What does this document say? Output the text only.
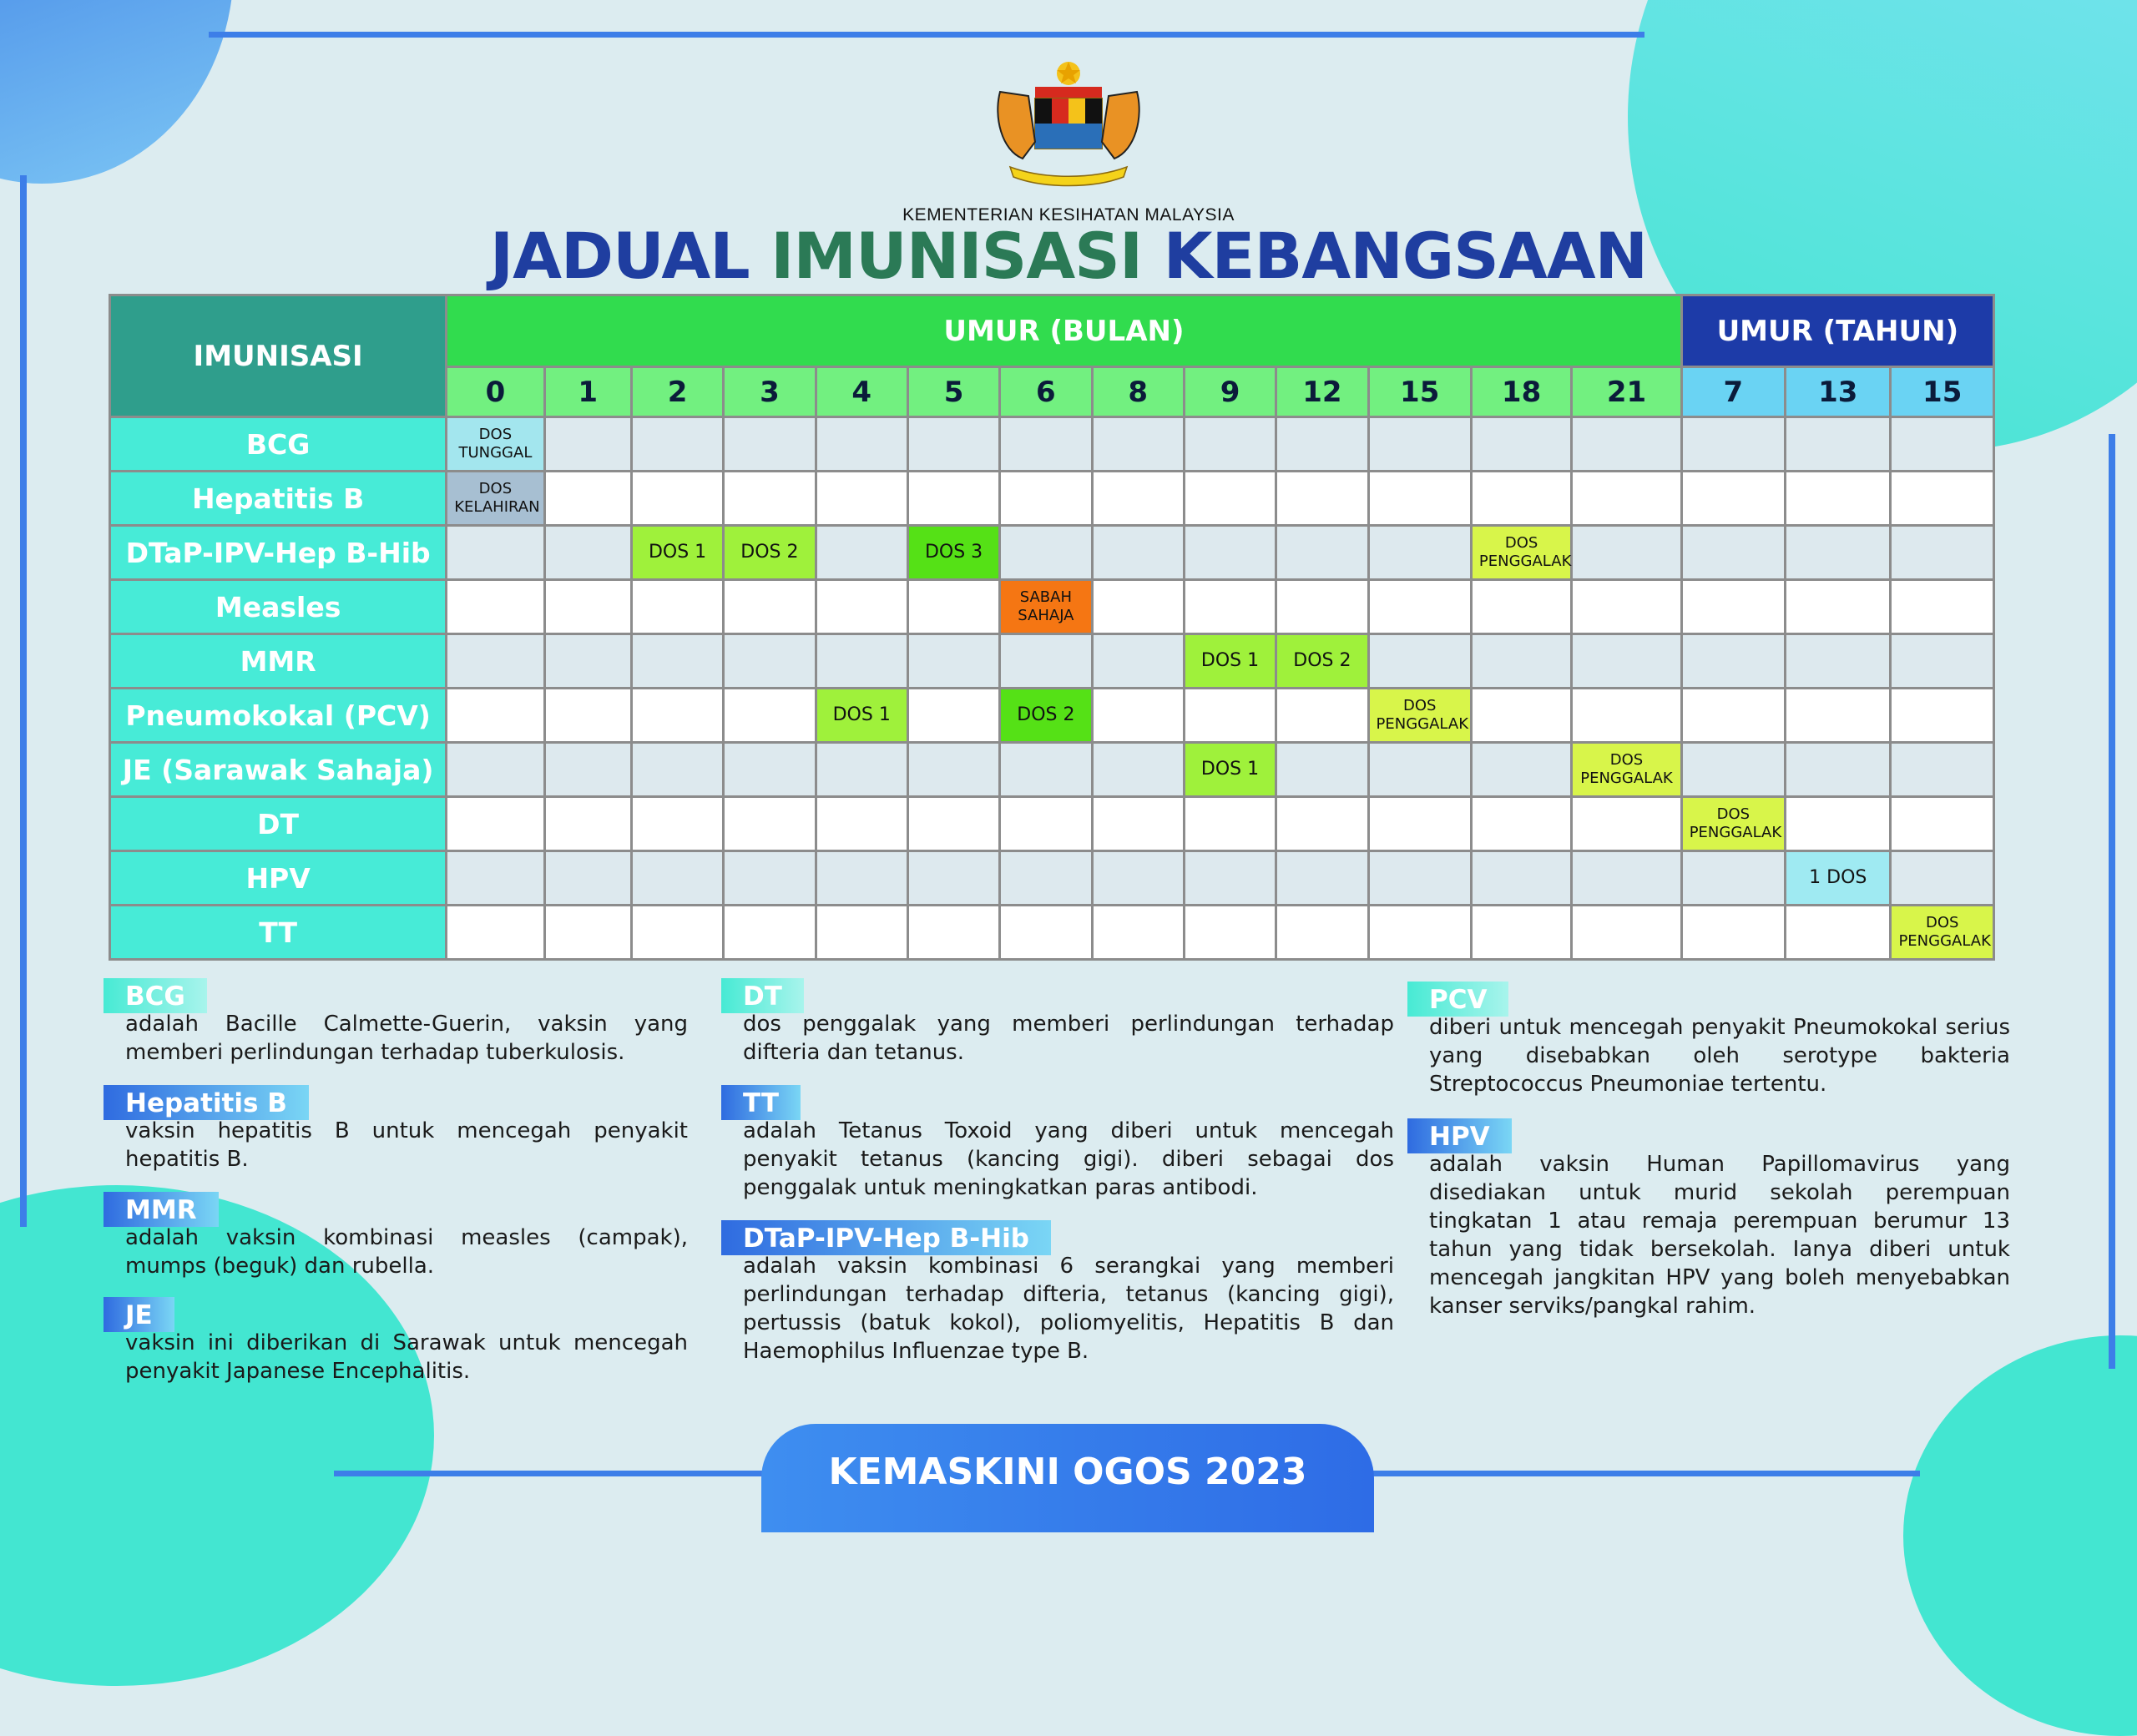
KEMENTERIAN KESIHATAN MALAYSIA
JADUAL IMUNISASI KEBANGSAAN
IMUNISASI	UMUR (BULAN)													UMUR (TAHUN)		
	0	1	2	3	4	5	6	8	9	12	15	18	21	7	13	15
BCG	DOS TUNGGAL															

Hepatitis B	DOS KELAHIRAN															

DTaP-IPV-Hep B-Hib			DOS 1	DOS 2		DOS 3						DOS PENGGALAK				

Measles							SABAH SAHAJA									

MMR									DOS 1	DOS 2						
Pneumokokal (PCV)					DOS 1		DOS 2				DOS PENGGALAK					

JE (Sarawak Sahaja)									DOS 1				DOS PENGGALAK			

DT														DOS PENGGALAK		

HPV															1 DOS	
TT																DOS PENGGALAK
BCG
adalah Bacille Calmette-Guerin, vaksin yang memberi perlindungan terhadap tuberkulosis.
Hepatitis B
vaksin hepatitis B untuk mencegah penyakit hepatitis B.
MMR
adalah vaksin kombinasi measles (campak), mumps (beguk) dan rubella.
JE
vaksin ini diberikan di Sarawak untuk mencegah penyakit Japanese Encephalitis.
DT
dos penggalak yang memberi perlindungan terhadap difteria dan tetanus.
TT
adalah Tetanus Toxoid yang diberi untuk mencegah penyakit tetanus (kancing gigi). diberi sebagai dos penggalak untuk meningkatkan paras antibodi.
DTaP-IPV-Hep B-Hib
adalah vaksin kombinasi 6 serangkai yang memberi perlindungan terhadap difteria, tetanus (kancing gigi), pertussis (batuk kokol), poliomyelitis, Hepatitis B dan Haemophilus Influenzae type B.
PCV
diberi untuk mencegah penyakit Pneumokokal serius yang disebabkan oleh serotype bakteria Streptococcus Pneumoniae tertentu.
HPV
adalah vaksin Human Papillomavirus yang disediakan untuk murid sekolah perempuan tingkatan 1 atau remaja perempuan berumur 13 tahun yang tidak bersekolah. Ianya diberi untuk mencegah jangkitan HPV yang boleh menyebabkan kanser serviks/pangkal rahim.
KEMASKINI OGOS 2023
